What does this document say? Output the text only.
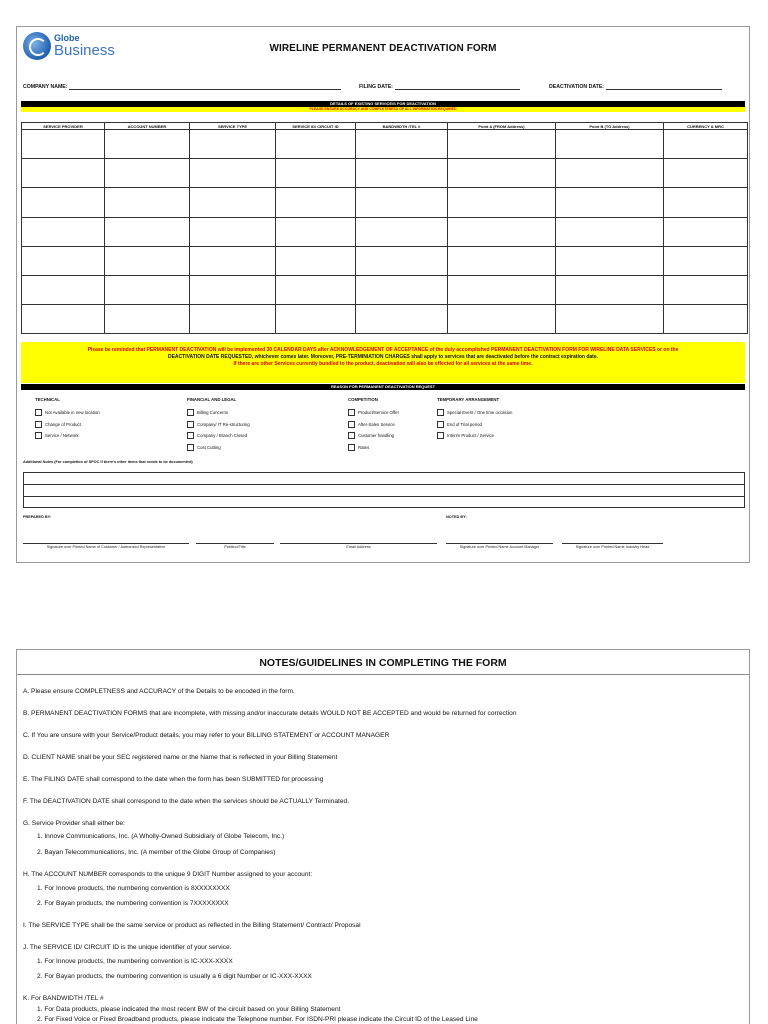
Globe
Business	WIRELINE PERMANENT DEACTIVATION FORM
COMPANY NAME:	FILING DATE:	DEACTIVATION DATE:
DETAILS OF EXISTING SERVICE/S FOR DEACTIVATION
PLEASE ENSURE ACCURACY AND COMPLETENESS OF ALL INFORMATION REQUIRED
SERVICE PROVIDER	ACCOUNT NUMBER	SERVICE TYPE	SERVICE ID/ CIRCUIT ID	BANDWIDTH /TEL #	Point A (FROM Address)	Point B (TO Address)	CURRENCY & MRC

Please be reminded that PERMANENT DEACTIVATION will be implemented 30 CALENDAR DAYS after ACKNOWLEDGEMENT OF ACCEPTANCE of the duly accomplished PERMANENT DEACTIVATION FORM FOR WIRELINE DATA SERVICES or on the
DEACTIVATION DATE REQUESTED, whichever comes later. Moreover, PRE-TERMINIATION CHARGES shall apply to services that are deactivated before the contract expiration date.
If there are other Services currently bundled to the product, deactivation will also be effected for all services at the same time.
REASON FOR PERMANENT DEACTIVATION REQUEST
TECHNICAL
Not Available in new location
Change of Product
Service / Network
FINANCIAL AND LEGAL
Billing Concerns
Company/ IT Re-structuring
Company / Branch Closed
Cost Cutting
COMPETITION
Product/Service Offer
After-Sales Service
Customer handling
Rates
TEMPORARY ARRANGEMENT
Special Event / One time occasion
End of Trial period
Interim Product / Service
Additional Notes (For completion of SPOC if there's other items that needs to be documented)
PREPARED BY:	NOTED BY:
Signature over Printed Name of Customer / Authorized Representative	Position/Title	Email Address	Signature over Printed Name Account Manager	Signature over Printed Name Industry Head
NOTES/GUIDELINES IN COMPLETING THE FORM
A. Please ensure COMPLETNESS and ACCURACY of the Details to be encoded in the form.
B. PERMANENT DEACTIVATION FORMS that are incomplete, with missing and/or inaccurate details WOULD NOT BE ACCEPTED and would be returned for correction
C. If You are unsure with your Service/Product details, you may refer to your BILLING STATEMENT or ACCOUNT MANAGER
D. CLIENT NAME shall be your SEC registered name or the Name that is reflected in your Billing Statement
E. The FILING DATE shall correspond to the date when the form has been SUBMITTED for processing
F. The DEACTIVATION DATE shall correspond to the date when the services should be ACTUALLY Terminated.
G. Service Provider shall either be:
1. Innove Communications, Inc. (A Wholly-Owned Subsidiary of Globe Telecom, Inc.)
2. Bayan Telecommunications, Inc. (A member of the Globe Group of Companies)
H. The ACCOUNT NUMBER corresponds to the unique 9 DIGIT Number assigned to your account:
1. For Innove products, the numbering convention is 8XXXXXXXX
2. For Bayan products, the numbering convention is 7XXXXXXXX
I. The SERVICE TYPE shall be the same service or product as reflected in the Billing Statement/ Contract/ Proposal
J. The SERVICE ID/ CIRCUIT ID is the unique identifier of your service.
1. For Innove products, the numbering convention is IC-XXX-XXXX
2. For Bayan products, the numbering convention is usually a 6 digit Number or IC-XXX-XXXX
K. For BANDWIDTH /TEL #
1. For Data products, please indicated the most recent BW of the circuit based on your Billing Statement
2. For Fixed Voice or Fixed Broadband products, please indicate the Telephone number. For ISDN-PRI please indicate the Circuit ID of the Leased Line
